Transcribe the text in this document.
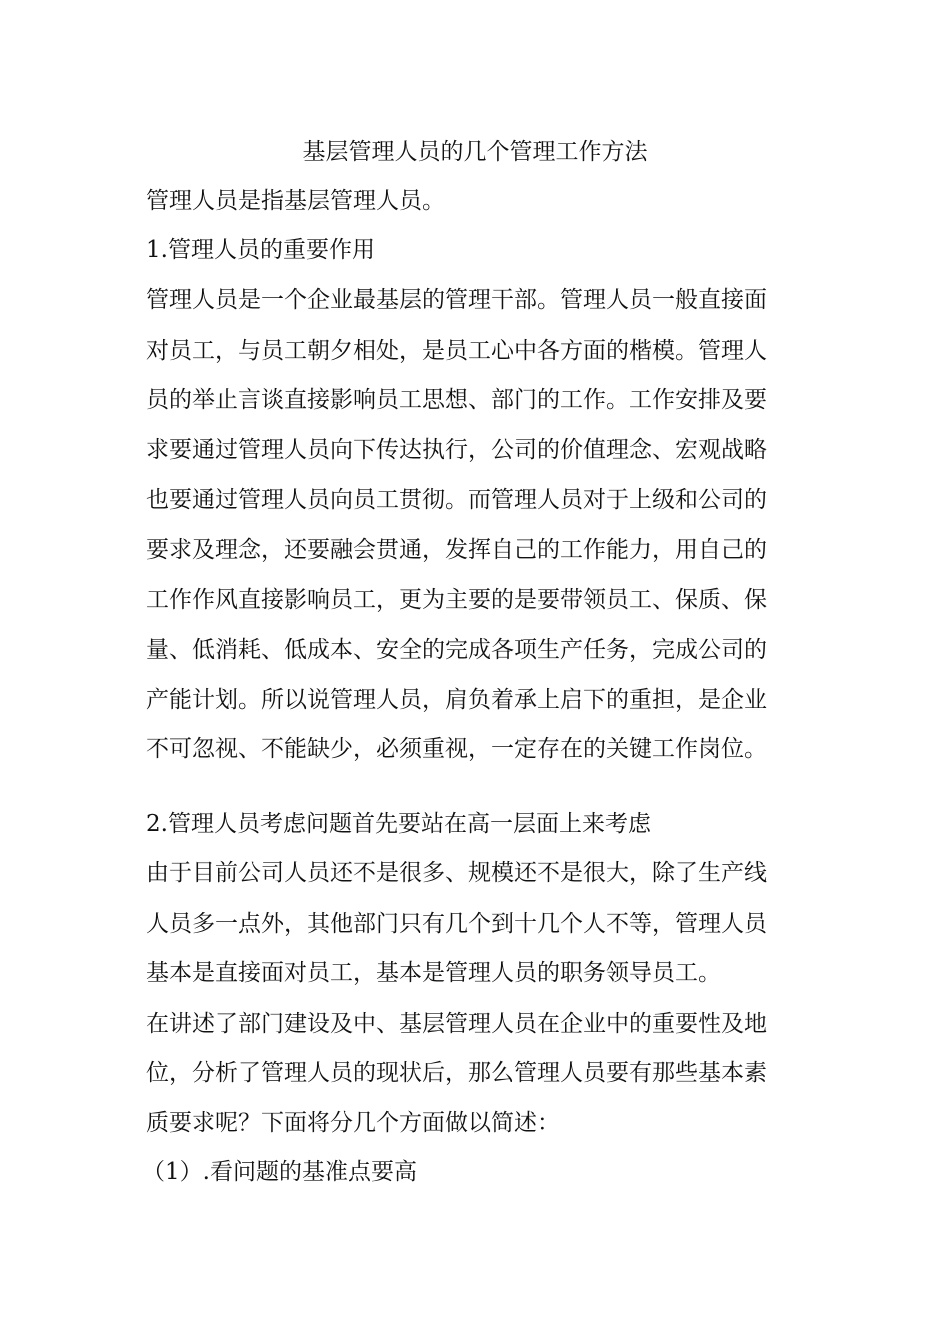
基层管理人员的几个管理工作方法
管理人员是指基层管理人员。
1.管理人员的重要作用
管理人员是一个企业最基层的管理干部。管理人员一般直接面
对员工，与员工朝夕相处，是员工心中各方面的楷模。管理人
员的举止言谈直接影响员工思想、部门的工作。工作安排及要
求要通过管理人员向下传达执行，公司的价值理念、宏观战略
也要通过管理人员向员工贯彻。而管理人员对于上级和公司的
要求及理念，还要融会贯通，发挥自己的工作能力，用自己的
工作作风直接影响员工，更为主要的是要带领员工、保质、保
量、低消耗、低成本、安全的完成各项生产任务，完成公司的
产能计划。所以说管理人员，肩负着承上启下的重担，是企业
不可忽视、不能缺少，必须重视，一定存在的关键工作岗位。
2.管理人员考虑问题首先要站在高一层面上来考虑
由于目前公司人员还不是很多、规模还不是很大，除了生产线
人员多一点外，其他部门只有几个到十几个人不等，管理人员
基本是直接面对员工，基本是管理人员的职务领导员工。
在讲述了部门建设及中、基层管理人员在企业中的重要性及地
位，分析了管理人员的现状后，那么管理人员要有那些基本素
质要求呢？下面将分几个方面做以简述：
（1）.看问题的基准点要高
